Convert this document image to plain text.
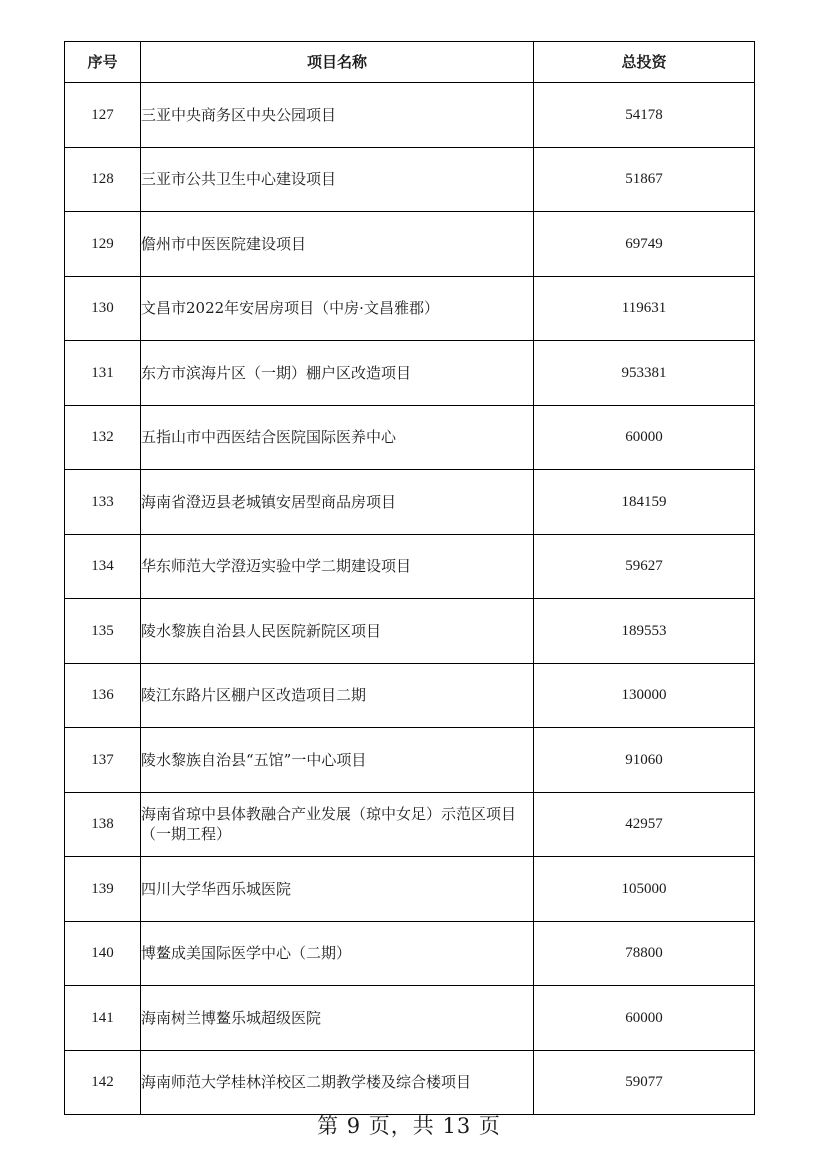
序号	项目名称	总投资
127	三亚中央商务区中央公园项目	54178
128	三亚市公共卫生中心建设项目	51867
129	儋州市中医医院建设项目	69749
130	文昌市2022年安居房项目（中房·文昌雅郡）	119631
131	东方市滨海片区（一期）棚户区改造项目	953381
132	五指山市中西医结合医院国际医养中心	60000
133	海南省澄迈县老城镇安居型商品房项目	184159
134	华东师范大学澄迈实验中学二期建设项目	59627
135	陵水黎族自治县人民医院新院区项目	189553
136	陵江东路片区棚户区改造项目二期	130000
137	陵水黎族自治县“五馆”一中心项目	91060
138	海南省琼中县体教融合产业发展（琼中女足）示范区项目（一期工程）	42957
139	四川大学华西乐城医院	105000
140	博鳌成美国际医学中心（二期）	78800
141	海南树兰博鳌乐城超级医院	60000
142	海南师范大学桂林洋校区二期教学楼及综合楼项目	59077
第 9 页，共 13 页
